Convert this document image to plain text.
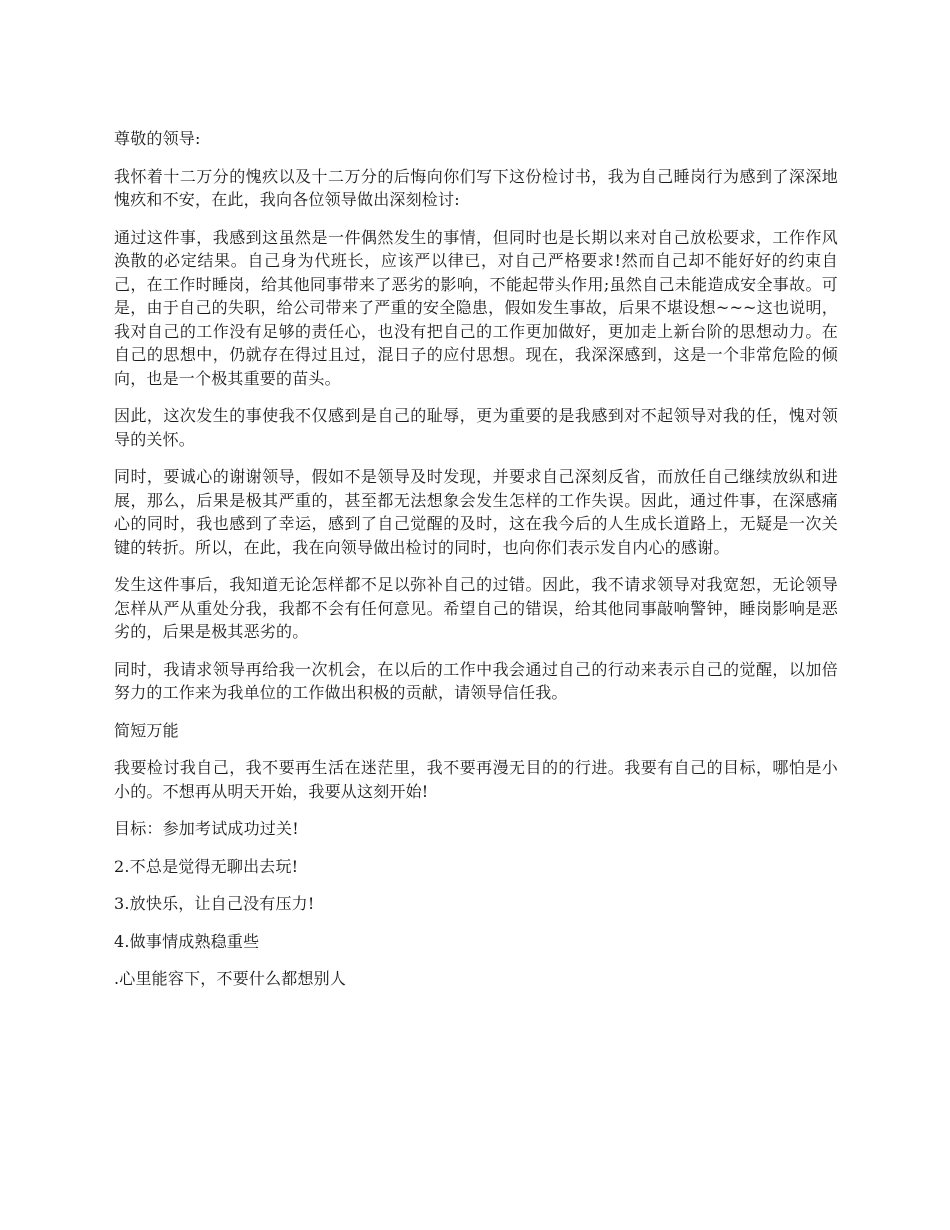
尊敬的领导:

我怀着十二万分的愧疚以及十二万分的后悔向你们写下这份检讨书，我为自己睡岗行为感到了深深地愧疚和不安，在此，我向各位领导做出深刻检讨:

通过这件事，我感到这虽然是一件偶然发生的事情，但同时也是长期以来对自己放松要求，工作作风涣散的必定结果。自己身为代班长，应该严以律已，对自己严格要求!然而自己却不能好好的约束自己，在工作时睡岗，给其他同事带来了恶劣的影响，不能起带头作用;虽然自己未能造成安全事故。可是，由于自己的失职，给公司带来了严重的安全隐患，假如发生事故，后果不堪设想~~~这也说明，我对自己的工作没有足够的责任心，也没有把自己的工作更加做好，更加走上新台阶的思想动力。在自己的思想中，仍就存在得过且过，混日子的应付思想。现在，我深深感到，这是一个非常危险的倾向，也是一个极其重要的苗头。

因此，这次发生的事使我不仅感到是自己的耻辱，更为重要的是我感到对不起领导对我的任，愧对领导的关怀。

同时，要诚心的谢谢领导，假如不是领导及时发现，并要求自己深刻反省，而放任自己继续放纵和进展，那么，后果是极其严重的，甚至都无法想象会发生怎样的工作失误。因此，通过件事，在深感痛心的同时，我也感到了幸运，感到了自己觉醒的及时，这在我今后的人生成长道路上，无疑是一次关键的转折。所以，在此，我在向领导做出检讨的同时，也向你们表示发自内心的感谢。

发生这件事后，我知道无论怎样都不足以弥补自己的过错。因此，我不请求领导对我宽恕，无论领导怎样从严从重处分我，我都不会有任何意见。希望自己的错误，给其他同事敲响警钟，睡岗影响是恶劣的，后果是极其恶劣的。

同时，我请求领导再给我一次机会，在以后的工作中我会通过自己的行动来表示自己的觉醒，以加倍努力的工作来为我单位的工作做出积极的贡献，请领导信任我。

简短万能

我要检讨我自己，我不要再生活在迷茫里，我不要再漫无目的的行进。我要有自己的目标，哪怕是小小的。不想再从明天开始，我要从这刻开始!

目标：参加考试成功过关!

2.不总是觉得无聊出去玩!

3.放快乐，让自己没有压力!

4.做事情成熟稳重些

.心里能容下，不要什么都想别人
